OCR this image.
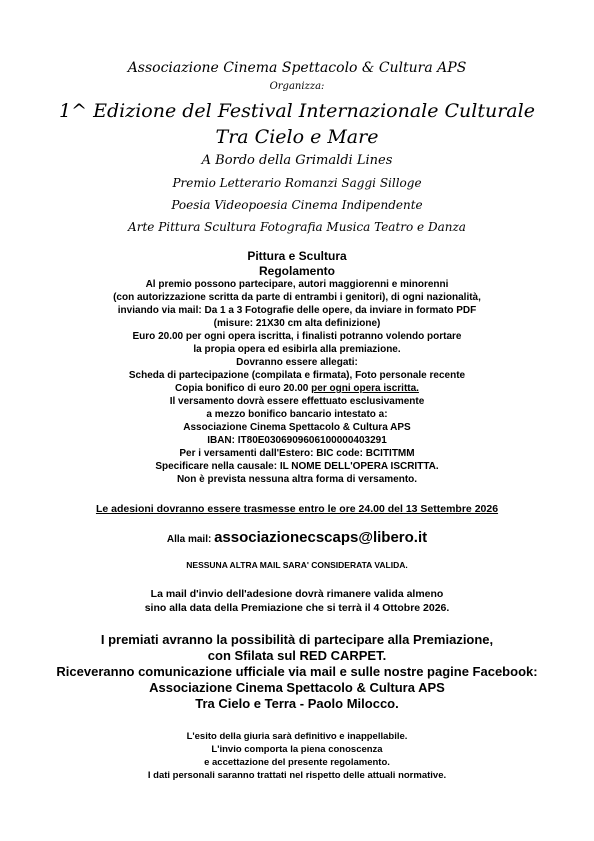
Associazione Cinema Spettacolo & Cultura APS
Organizza:
1^ Edizione del Festival Internazionale Culturale
Tra Cielo e Mare
A Bordo della Grimaldi Lines
Premio Letterario Romanzi Saggi Silloge
Poesia Videopoesia Cinema Indipendente
Arte Pittura Scultura Fotografia Musica Teatro e Danza
Pittura e Scultura
Regolamento
Al premio possono partecipare, autori maggiorenni e minorenni
(con autorizzazione scritta da parte di entrambi i genitori), di ogni nazionalità,
inviando via mail: Da 1 a 3 Fotografie delle opere, da inviare in formato PDF
(misure: 21X30 cm alta definizione)
Euro 20.00 per ogni opera iscritta, i finalisti potranno volendo portare
la propia opera ed esibirla alla premiazione.
Dovranno essere allegati:
Scheda di partecipazione (compilata e firmata), Foto personale recente
Copia bonifico di euro 20.00 per ogni opera iscritta.
Il versamento dovrà essere effettuato esclusivamente
a mezzo bonifico bancario intestato a:
Associazione Cinema Spettacolo & Cultura APS
IBAN: IT80E0306909606100000403291
Per i versamenti dall'Estero: BIC code: BCITITMM
Specificare nella causale: IL NOME DELL'OPERA ISCRITTA.
Non è prevista nessuna altra forma di versamento.
Le adesioni dovranno essere trasmesse entro le ore 24.00 del 13 Settembre 2026
Alla mail: associazionecscaps@libero.it
NESSUNA ALTRA MAIL SARA' CONSIDERATA VALIDA.
La mail d'invio dell'adesione dovrà rimanere valida almeno
sino alla data della Premiazione che si terrà il 4 Ottobre 2026.
I premiati avranno la possibilità di partecipare alla Premiazione,
con Sfilata sul RED CARPET.
Riceveranno comunicazione ufficiale via mail e sulle nostre pagine Facebook:
Associazione Cinema Spettacolo & Cultura APS
Tra Cielo e Terra - Paolo Milocco.
L'esito della giuria sarà definitivo e inappellabile.
L'invio comporta la piena conoscenza
e accettazione del presente regolamento.
I dati personali saranno trattati nel rispetto delle attuali normative.
